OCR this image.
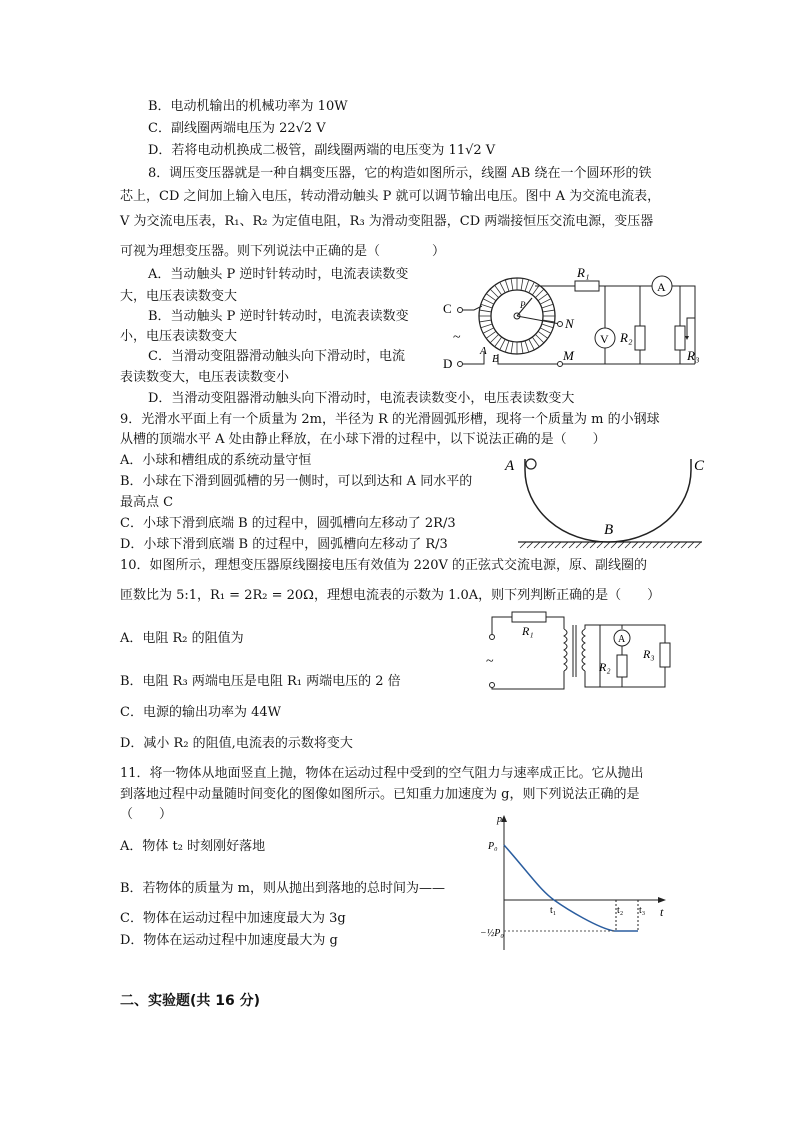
B．电动机输出的机械功率为 10W
C．副线圈两端电压为 22√2 V
D．若将电动机换成二极管，副线圈两端的电压变为 11√2 V
8．调压变压器就是一种自耦变压器，它的构造如图所示，线圈 AB 绕在一个圆环形的铁
芯上，CD 之间加上输入电压，转动滑动触头 P 就可以调节输出电压。图中 A 为交流电流表，
V 为交流电压表，R₁、R₂ 为定值电阻，R₃ 为滑动变阻器，CD 两端接恒压交流电源，变压器
可视为理想变压器。则下列说法中正确的是（　　　　）
A．当动触头 P 逆时针转动时，电流表读数变
大，电压表读数变大
B．当动触头 P 逆时针转动时，电流表读数变
小，电压表读数变大
C．当滑动变阻器滑动触头向下滑动时，电流
表读数变大，电压表读数变小
D．当滑动变阻器滑动触头向下滑动时，电流表读数变小，电压表读数变大
C
D
~
P
A
B
N
M
R₁
A
V R₂
R₃
9．光滑水平面上有一个质量为 2m，半径为 R 的光滑圆弧形槽，现将一个质量为 m 的小钢球
从槽的顶端水平 A 处由静止释放，在小球下滑的过程中，以下说法正确的是（　　）
A．小球和槽组成的系统动量守恒
B．小球在下滑到圆弧槽的另一侧时，可以到达和 A 同水平的
最高点 C
C．小球下滑到底端 B 的过程中，圆弧槽向左移动了 2R/3
D．小球下滑到底端 B 的过程中，圆弧槽向左移动了 R/3
A	C
B
10．如图所示，理想变压器原线圈接电压有效值为 220V 的正弦式交流电源，原、副线圈的
匝数比为 5:1，R₁ = 2R₂ = 20Ω，理想电流表的示数为 1.0A，则下列判断正确的是（　　）
A．电阻 R₂ 的阻值为
B．电阻 R₃ 两端电压是电阻 R₁ 两端电压的 2 倍
C．电源的输出功率为 44W
D．减小 R₂ 的阻值,电流表的示数将变大
~
R₁
A
R₂
R₃
11．将一物体从地面竖直上抛，物体在运动过程中受到的空气阻力与速率成正比。它从抛出
到落地过程中动量随时间变化的图像如图所示。已知重力加速度为 g，则下列说法正确的是
（　　）
A．物体 t₂ 时刻刚好落地
B．若物体的质量为 m，则从抛出到落地的总时间为——
C．物体在运动过程中加速度最大为 3g
D．物体在运动过程中加速度最大为 g
p
t
P₀
−½P₀
t₁	t₂ t₃
二、实验题(共 16 分)
